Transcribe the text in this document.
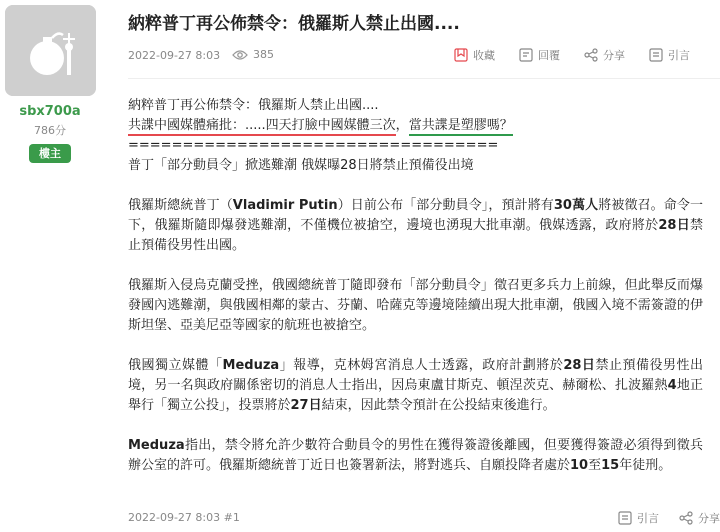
sbx700a
786分
樓主
納粹普丁再公佈禁令：俄羅斯人禁止出國....
2022-09-27 8:03	385	收藏	回覆	分享	引言

納粹普丁再公佈禁令：俄羅斯人禁止出國....

共諜中國媒體痛批：.....四天打臉中國媒體三次，當共諜是塑膠嗎？

==================================

普丁「部分動員令」掀逃難潮 俄媒曝28日將禁止預備役出境

俄羅斯總統普丁（Vladimir Putin）日前公布「部分動員令」，預計將有30萬人將被徵召。命令一下，俄羅斯隨即爆發逃難潮，不僅機位被搶空，邊境也湧現大批車潮。俄媒透露，政府將於28日禁止預備役男性出國。

俄羅斯入侵烏克蘭受挫，俄國總統普丁隨即發布「部分動員令」徵召更多兵力上前線，但此舉反而爆發國內逃難潮，與俄國相鄰的蒙古、芬蘭、哈薩克等邊境陸續出現大批車潮，俄國入境不需簽證的伊斯坦堡、亞美尼亞等國家的航班也被搶空。

俄國獨立媒體「Meduza」報導，克林姆宮消息人士透露，政府計劃將於28日禁止預備役男性出境，另一名與政府關係密切的消息人士指出，因烏東盧甘斯克、頓涅茨克、赫爾松、扎波羅熱4地正舉行「獨立公投」，投票將於27日結束，因此禁令預計在公投結束後進行。

Meduza指出，禁令將允許少數符合動員令的男性在獲得簽證後離國，但要獲得簽證必須得到徵兵辦公室的許可。俄羅斯總統普丁近日也簽署新法，將對逃兵、自願投降者處於10至15年徒刑。

2022-09-27 8:03 #1	引言	分享
